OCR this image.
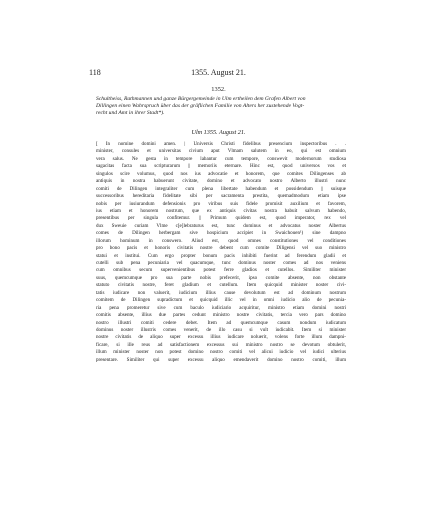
118	1355. August 21.
1352.
Schultheiss, Rathmannen und ganze Bürgergemeinde in Ulm ertheilen dem Grafen Albert von
Dillingen einen Wahrspruch über das der gräflichen Familie von Alters her zustehende Vogt-
recht und Amt in ihrer Stadt*).
Ulm 1355. August 21.
[ In nomine domini amen. | Universis Christi fidelibus presencium inspectoribus . .
minister, consules et universitas civium aput Vlmam salutem in eo, qui est omnium
vera salus. Ne gesta in tempore labantur cum tempore, conswevit modernorum studiosa
sagacitas facta sua scripturarum || memoriis eternare. Hinc est, quod universos vos et
singulos scire volumus, quod nos ius advocatie et honorem, que comites Dilingenses ab
antiquis in nostra habuerunt civitate, domino et advocato nostro Alberto illustri nunc
comiti de Dilingen integraliter cum plena libertate habendum et possidendum || suisque
successoribus hereditaria fidelitate sibi per sacramenta prestita, quemadmodum etiam ipse
nobis per iusiurandum defensionis pro viribus suis fidele promisit auxilium et favorem,
ius etiam et honorem nostrum, que ex antiquis civitas nostra habuit salvum habendo,
presentibus per singula confitemur. || Primum quidem est, quod imperator, rex vel
dux Sweuie curiam Vlme c[e]lebraturus est, tunc dominus et advocatus noster Albertus
comes de Dilingen herbergam sive hospicium accipiet in Swaichouen¹) sine dampno
illorum hominum in conswero. Aliud est, quod omnes constitutiones vel conditiones
pro bono pacis et honoris civitatis nostre debent cum comite Diligensi vel suo ministro
statui et institui. Cum ergo propter bonum pacis inhibiti fuerint ad ferendum gladii et
cutelli sub pena pecuniaria vel quacumque, tunc dominus noster comes ad nos veniens
cum omnibus secum supervenientibus potest ferre gladios et cutellos. Similiter minister
suus, quemcumque pro sua parte nobis prefecerit, ipso comite absente, non obstante
statuto civitatis nostre, feret gladium et cutellum. Item quicquid minister noster civi-
tatis iudicare non valuerit, iudicium illius cause devolutum est ad dominum nostrum
comitem de Dilingen supradictum et quicquid illic vel in omni iudicio alio de pecunia-
ria pena promeretur sive cum baculo iudiciario acquiritur, ministro etiam domini nostri
comitis absente, illius due partes cedunt ministro nostre civitatis, tercia vero pars domino
nostro illustri comiti cedere debet. Item ad quemcumque casum nondum iudicatum
dominus noster illustris comes venerit, de illo casu si vult iudicabit. Item si minister
nostre civitatis de aliquo super excessu illius iudicare noluerit, volens forte illum dampni-
ficare, si ille reus ad satisfactionem excessus sui ministro nostro se devotum obtulerit,
illum minister noster non potest domino nostro comiti vel alicui iudicio vel iudici ulterius
presentare. Similiter qui super excessu aliquo emendaverit domino nostro comiti, illum
